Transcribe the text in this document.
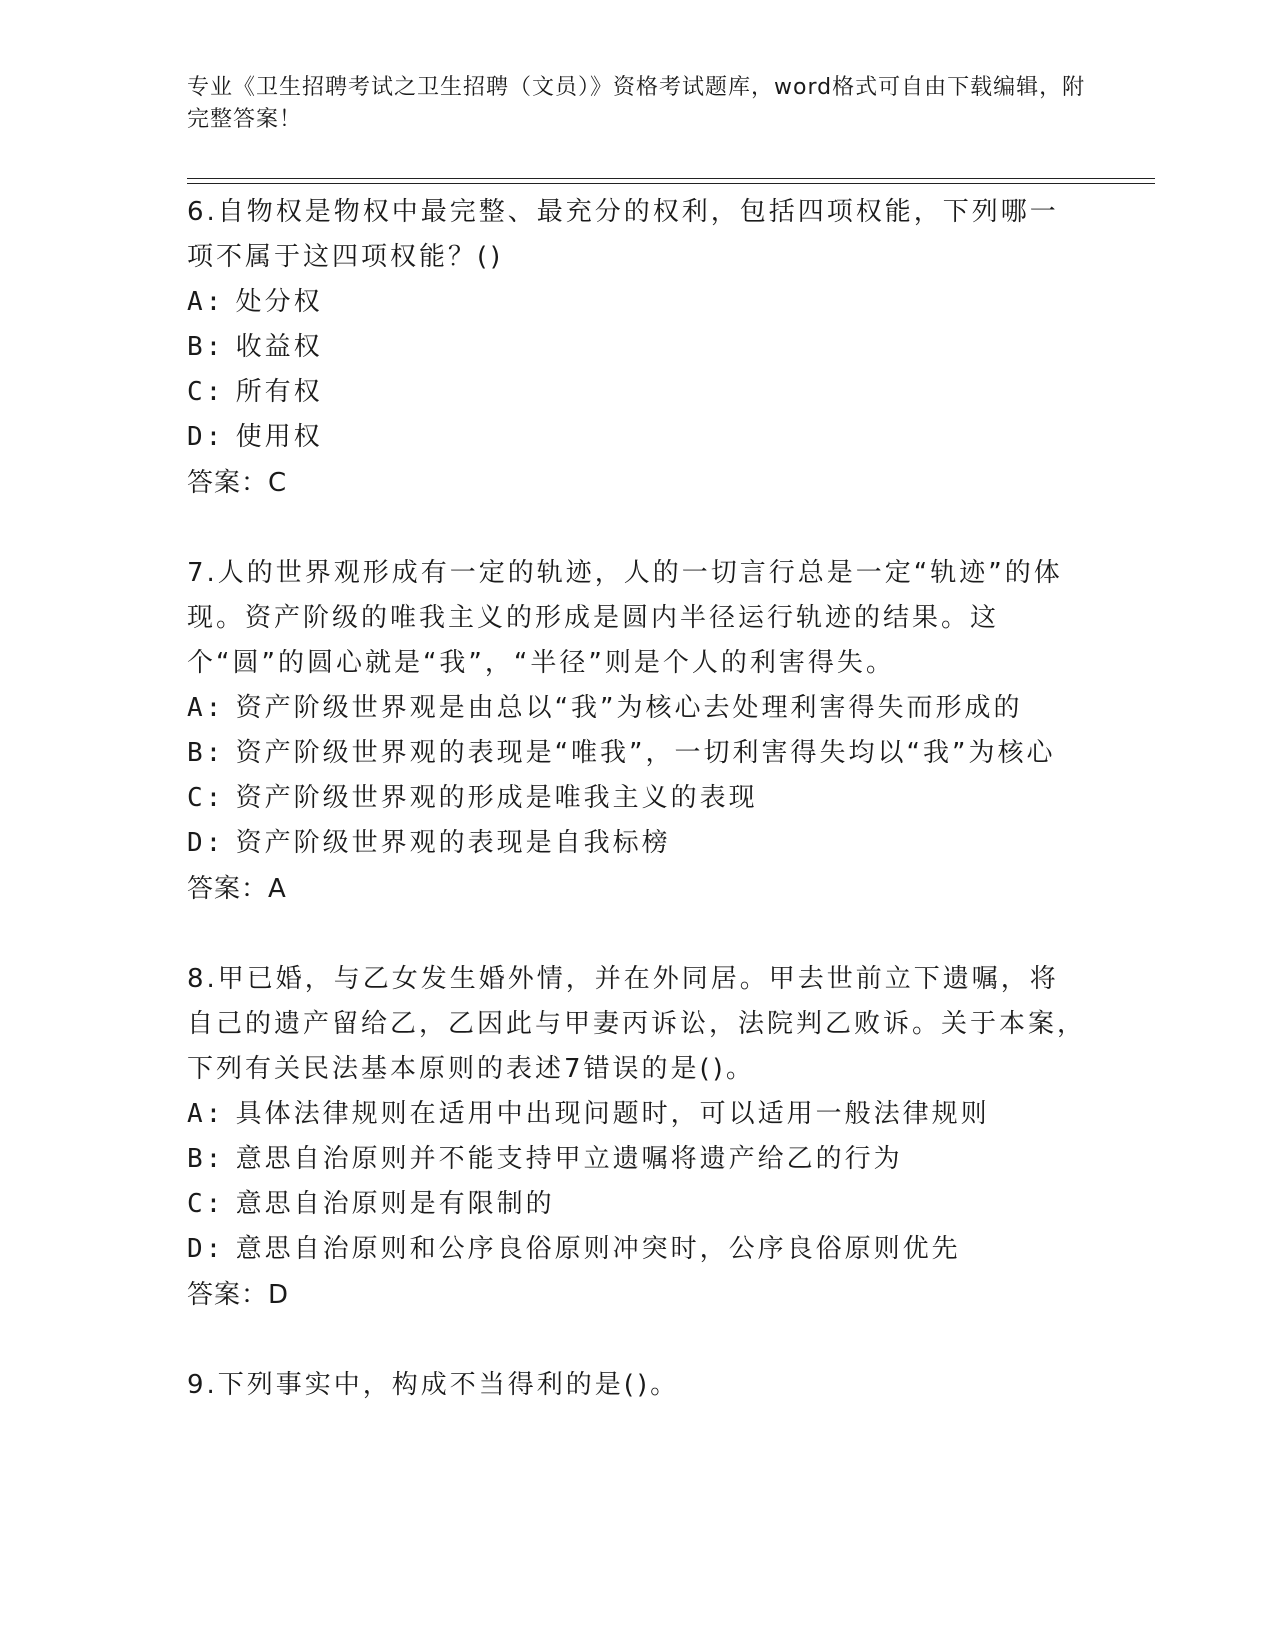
专业《卫生招聘考试之卫生招聘（文员）》资格考试题库，word格式可自由下载编辑，附完整答案！
6.自物权是物权中最完整、最充分的权利，包括四项权能，下列哪一项不属于这四项权能？()
A: 处分权
B: 收益权
C: 所有权
D: 使用权
答案：C
7.人的世界观形成有一定的轨迹，人的一切言行总是一定“轨迹”的体现。资产阶级的唯我主义的形成是圆内半径运行轨迹的结果。这个“圆”的圆心就是“我”，“半径”则是个人的利害得失。
A: 资产阶级世界观是由总以“我”为核心去处理利害得失而形成的
B: 资产阶级世界观的表现是“唯我”，一切利害得失均以“我”为核心
C: 资产阶级世界观的形成是唯我主义的表现
D: 资产阶级世界观的表现是自我标榜
答案：A
8.甲已婚，与乙女发生婚外情，并在外同居。甲去世前立下遗嘱，将自己的遗产留给乙，乙因此与甲妻丙诉讼，法院判乙败诉。关于本案，下列有关民法基本原则的表述7错误的是()。
A: 具体法律规则在适用中出现问题时，可以适用一般法律规则
B: 意思自治原则并不能支持甲立遗嘱将遗产给乙的行为
C: 意思自治原则是有限制的
D: 意思自治原则和公序良俗原则冲突时，公序良俗原则优先
答案：D
9.下列事实中，构成不当得利的是()。
